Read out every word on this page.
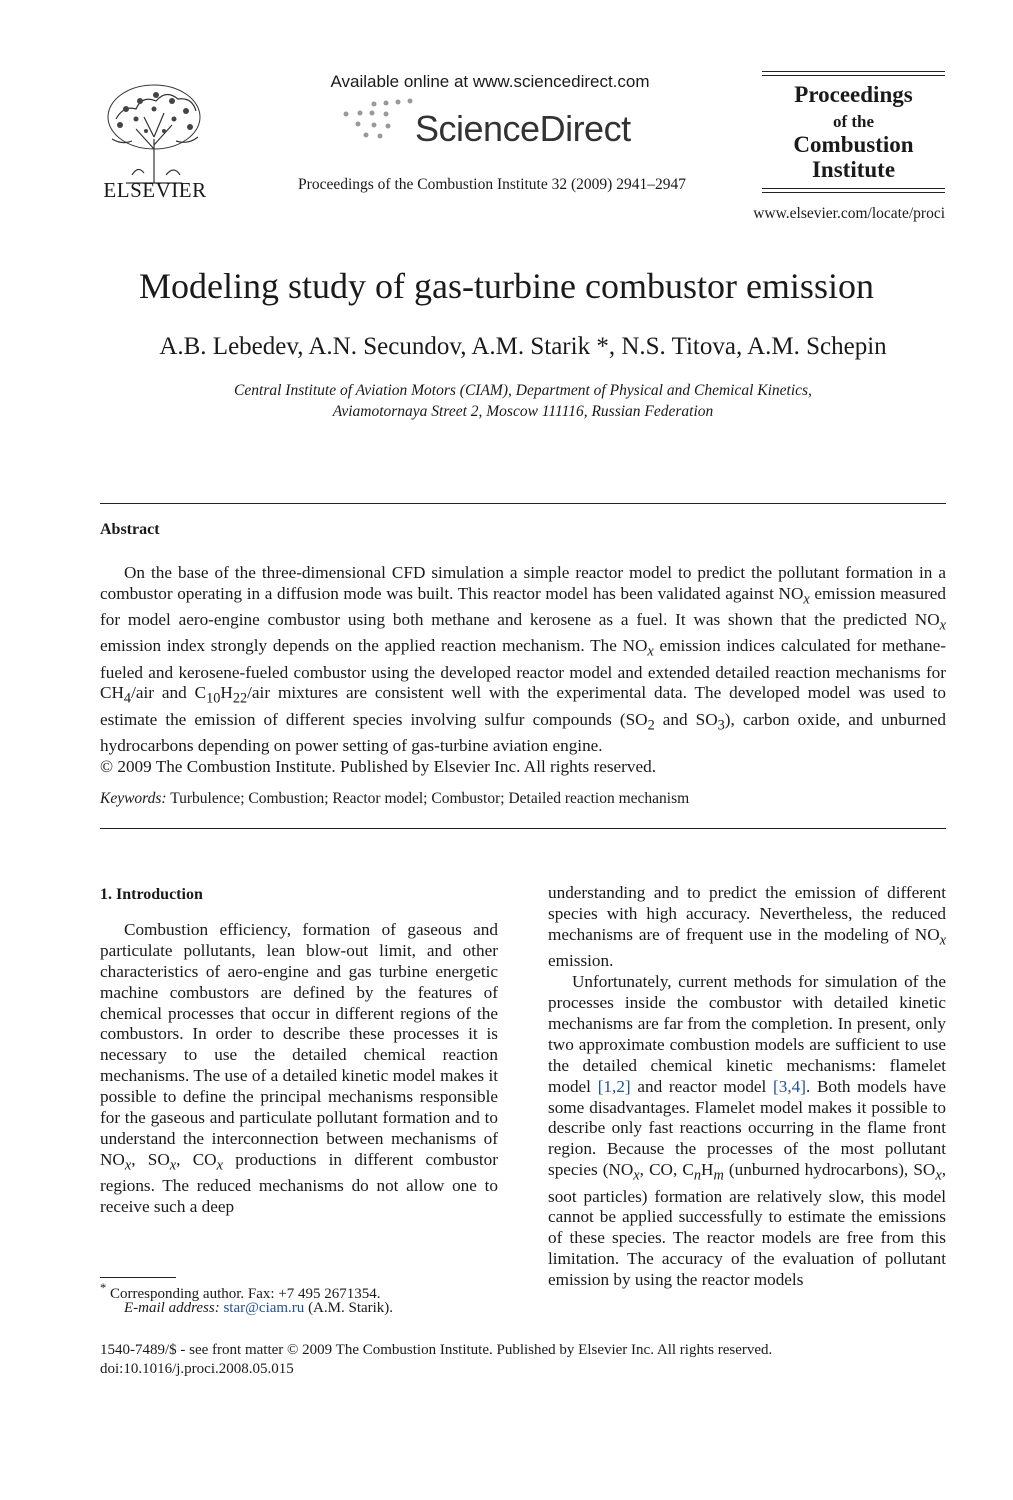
ELSEVIER
Available online at www.sciencedirect.com
ScienceDirect
Proceedings of the Combustion Institute 32 (2009) 2941–2947
Proceedings
of the
Combustion
Institute
www.elsevier.com/locate/proci
Modeling study of gas-turbine combustor emission
A.B. Lebedev, A.N. Secundov, A.M. Starik *, N.S. Titova, A.M. Schepin
Central Institute of Aviation Motors (CIAM), Department of Physical and Chemical Kinetics,
Aviamotornaya Street 2, Moscow 111116, Russian Federation
Abstract

On the base of the three-dimensional CFD simulation a simple reactor model to predict the pollutant formation in a combustor operating in a diffusion mode was built. This reactor model has been validated against $NO_x$ emission measured for model aero-engine combustor using both methane and kerosene as a fuel. It was shown that the predicted $NO_x$ emission index strongly depends on the applied reaction mechanism. The $NO_x$ emission indices calculated for methane-fueled and kerosene-fueled combustor using the developed reactor model and extended detailed reaction mechanisms for $CH_4$/air and $C_{10}H_{22}$/air mixtures are consistent well with the experimental data. The developed model was used to estimate the emission of different species involving sulfur compounds ($SO_2$ and $SO_3$), carbon oxide, and unburned hydrocarbons depending on power setting of gas-turbine aviation engine.

© 2009 The Combustion Institute. Published by Elsevier Inc. All rights reserved.

Keywords: Turbulence; Combustion; Reactor model; Combustor; Detailed reaction mechanism

1. Introduction

Combustion efficiency, formation of gaseous and particulate pollutants, lean blow-out limit, and other characteristics of aero-engine and gas turbine energetic machine combustors are defined by the features of chemical processes that occur in different regions of the combustors. In order to describe these processes it is necessary to use the detailed chemical reaction mechanisms. The use of a detailed kinetic model makes it possible to define the principal mechanisms responsible for the gaseous and particulate pollutant formation and to understand the interconnection between mechanisms of $NO_x$, $SO_x$, $CO_x$ productions in different combustor regions. The reduced mechanisms do not allow one to receive such a deep

understanding and to predict the emission of different species with high accuracy. Nevertheless, the reduced mechanisms are of frequent use in the modeling of $NO_x$ emission.

Unfortunately, current methods for simulation of the processes inside the combustor with detailed kinetic mechanisms are far from the completion. In present, only two approximate combustion models are sufficient to use the detailed chemical kinetic mechanisms: flamelet model [1,2] and reactor model [3,4]. Both models have some disadvantages. Flamelet model makes it possible to describe only fast reactions occurring in the flame front region. Because the processes of the most pollutant species ($NO_x$, CO, $C_nH_m$ (unburned hydrocarbons), $SO_x$, soot particles) formation are relatively slow, this model cannot be applied successfully to estimate the emissions of these species. The reactor models are free from this limitation. The accuracy of the evaluation of pollutant emission by using the reactor models

* Corresponding author. Fax: +7 495 2671354.
E-mail address: star@ciam.ru (A.M. Starik).
1540-7489/$ - see front matter © 2009 The Combustion Institute. Published by Elsevier Inc. All rights reserved.
doi:10.1016/j.proci.2008.05.015
